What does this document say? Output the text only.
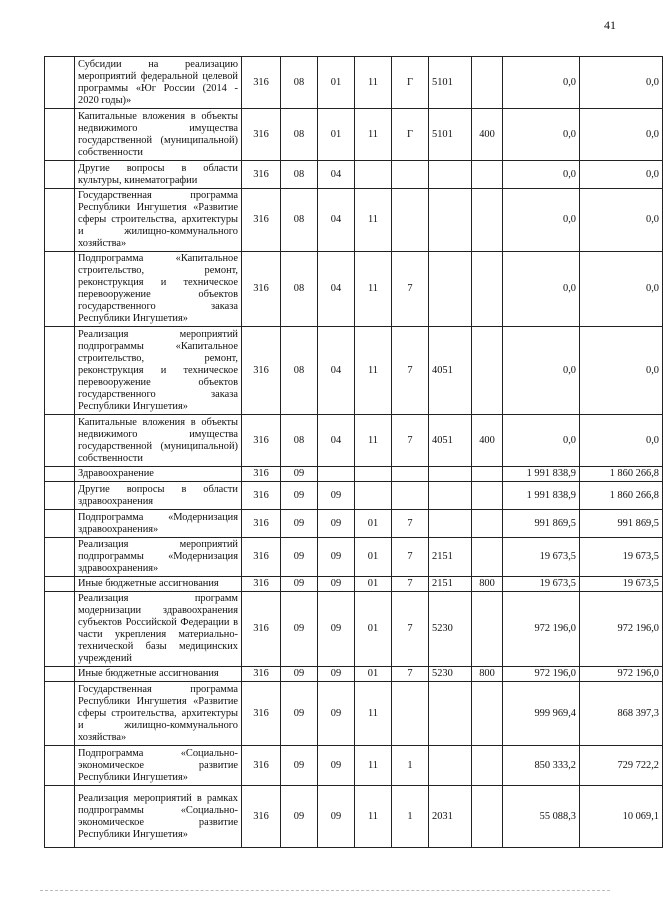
41
	Субсидии на реализацию мероприятий федеральной целевой программы «Юг России (2014 - 2020 годы)»	316	08	01	11	Г	5101		0,0	0,0
	Капитальные вложения в объекты недвижимого имущества государственной (муниципальной) собственности	316	08	01	11	Г	5101	400	0,0	0,0
	Другие вопросы в области культуры, кинематографии	316	08	04					0,0	0,0
	Государственная программа Республики Ингушетия «Развитие сферы строительства, архитектуры и жилищно-коммунального хозяйства»	316	08	04	11				0,0	0,0
	Подпрограмма «Капитальное строительство, ремонт, реконструкция и техническое перевооружение объектов государственного заказа Республики Ингушетия»	316	08	04	11	7			0,0	0,0
	Реализация мероприятий подпрограммы «Капитальное строительство, ремонт, реконструкция и техническое перевооружение объектов государственного заказа Республики Ингушетия»	316	08	04	11	7	4051		0,0	0,0
	Капитальные вложения в объекты недвижимого имущества государственной (муниципальной) собственности	316	08	04	11	7	4051	400	0,0	0,0
	Здравоохранение	316	09						1 991 838,9	1 860 266,8
	Другие вопросы в области здравоохранения	316	09	09					1 991 838,9	1 860 266,8
	Подпрограмма «Модернизация здравоохранения»	316	09	09	01	7			991 869,5	991 869,5
	Реализация мероприятий подпрограммы «Модернизация здравоохранения»	316	09	09	01	7	2151		19 673,5	19 673,5
	Иные бюджетные ассигнования	316	09	09	01	7	2151	800	19 673,5	19 673,5
	Реализация программ модернизации здравоохранения субъектов Российской Федерации в части укрепления материально-технической базы медицинских учреждений	316	09	09	01	7	5230		972 196,0	972 196,0
	Иные бюджетные ассигнования	316	09	09	01	7	5230	800	972 196,0	972 196,0
	Государственная программа Республики Ингушетия «Развитие сферы строительства, архитектуры и жилищно-коммунального хозяйства»	316	09	09	11				999 969,4	868 397,3
	Подпрограмма «Социально-экономическое развитие Республики Ингушетия»	316	09	09	11	1			850 333,2	729 722,2
	Реализация мероприятий в рамках подпрограммы «Социально-экономическое развитие Республики Ингушетия»	316	09	09	11	1	2031		55 088,3	10 069,1
